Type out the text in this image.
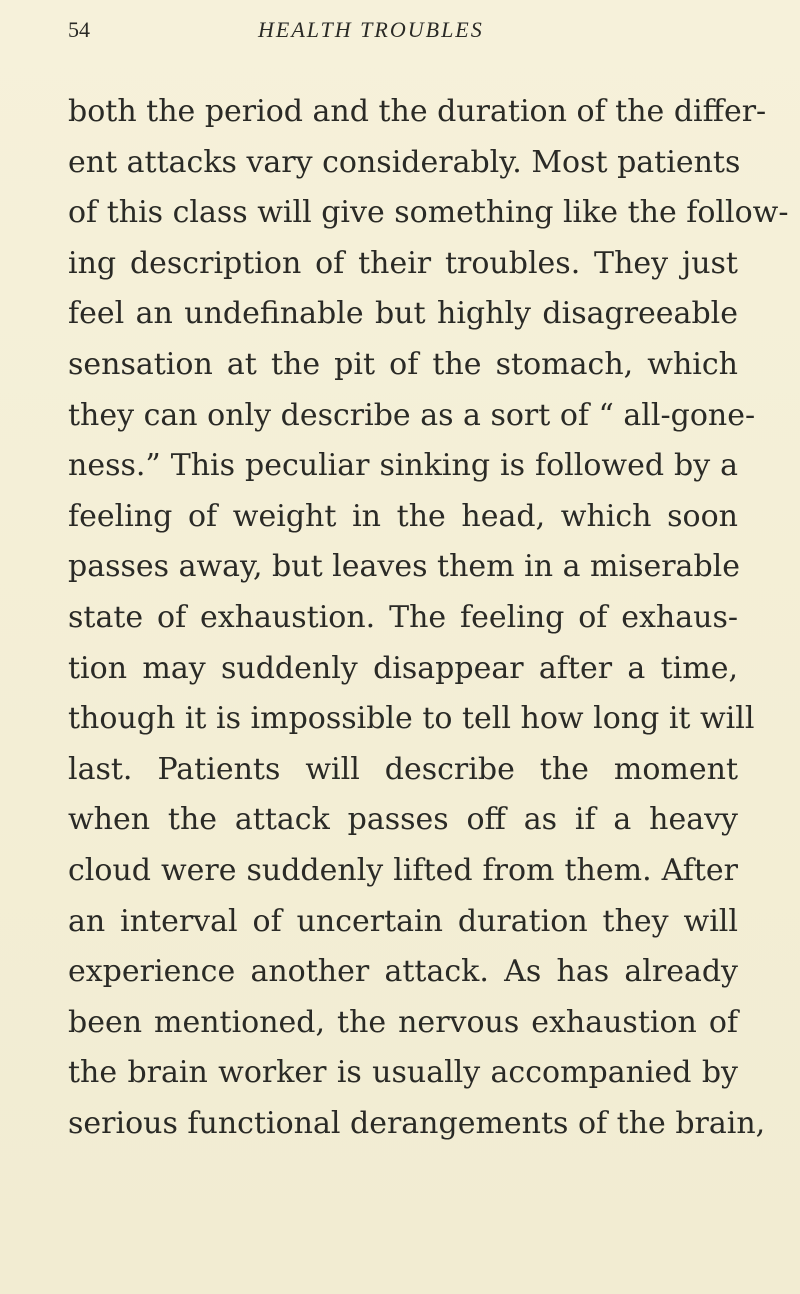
54	HEALTH TROUBLES
both the period and the duration of the differ-
ent attacks vary considerably. Most patients
of this class will give something like the follow-
ing description of their troubles. They just
feel an undefinable but highly disagreeable
sensation at the pit of the stomach, which
they can only describe as a sort of “ all-gone-
ness.” This peculiar sinking is followed by a
feeling of weight in the head, which soon
passes away, but leaves them in a miserable
state of exhaustion. The feeling of exhaus-
tion may suddenly disappear after a time,
though it is impossible to tell how long it will
last. Patients will describe the moment
when the attack passes off as if a heavy
cloud were suddenly lifted from them. After
an interval of uncertain duration they will
experience another attack. As has already
been mentioned, the nervous exhaustion of
the brain worker is usually accompanied by
serious functional derangements of the brain,
